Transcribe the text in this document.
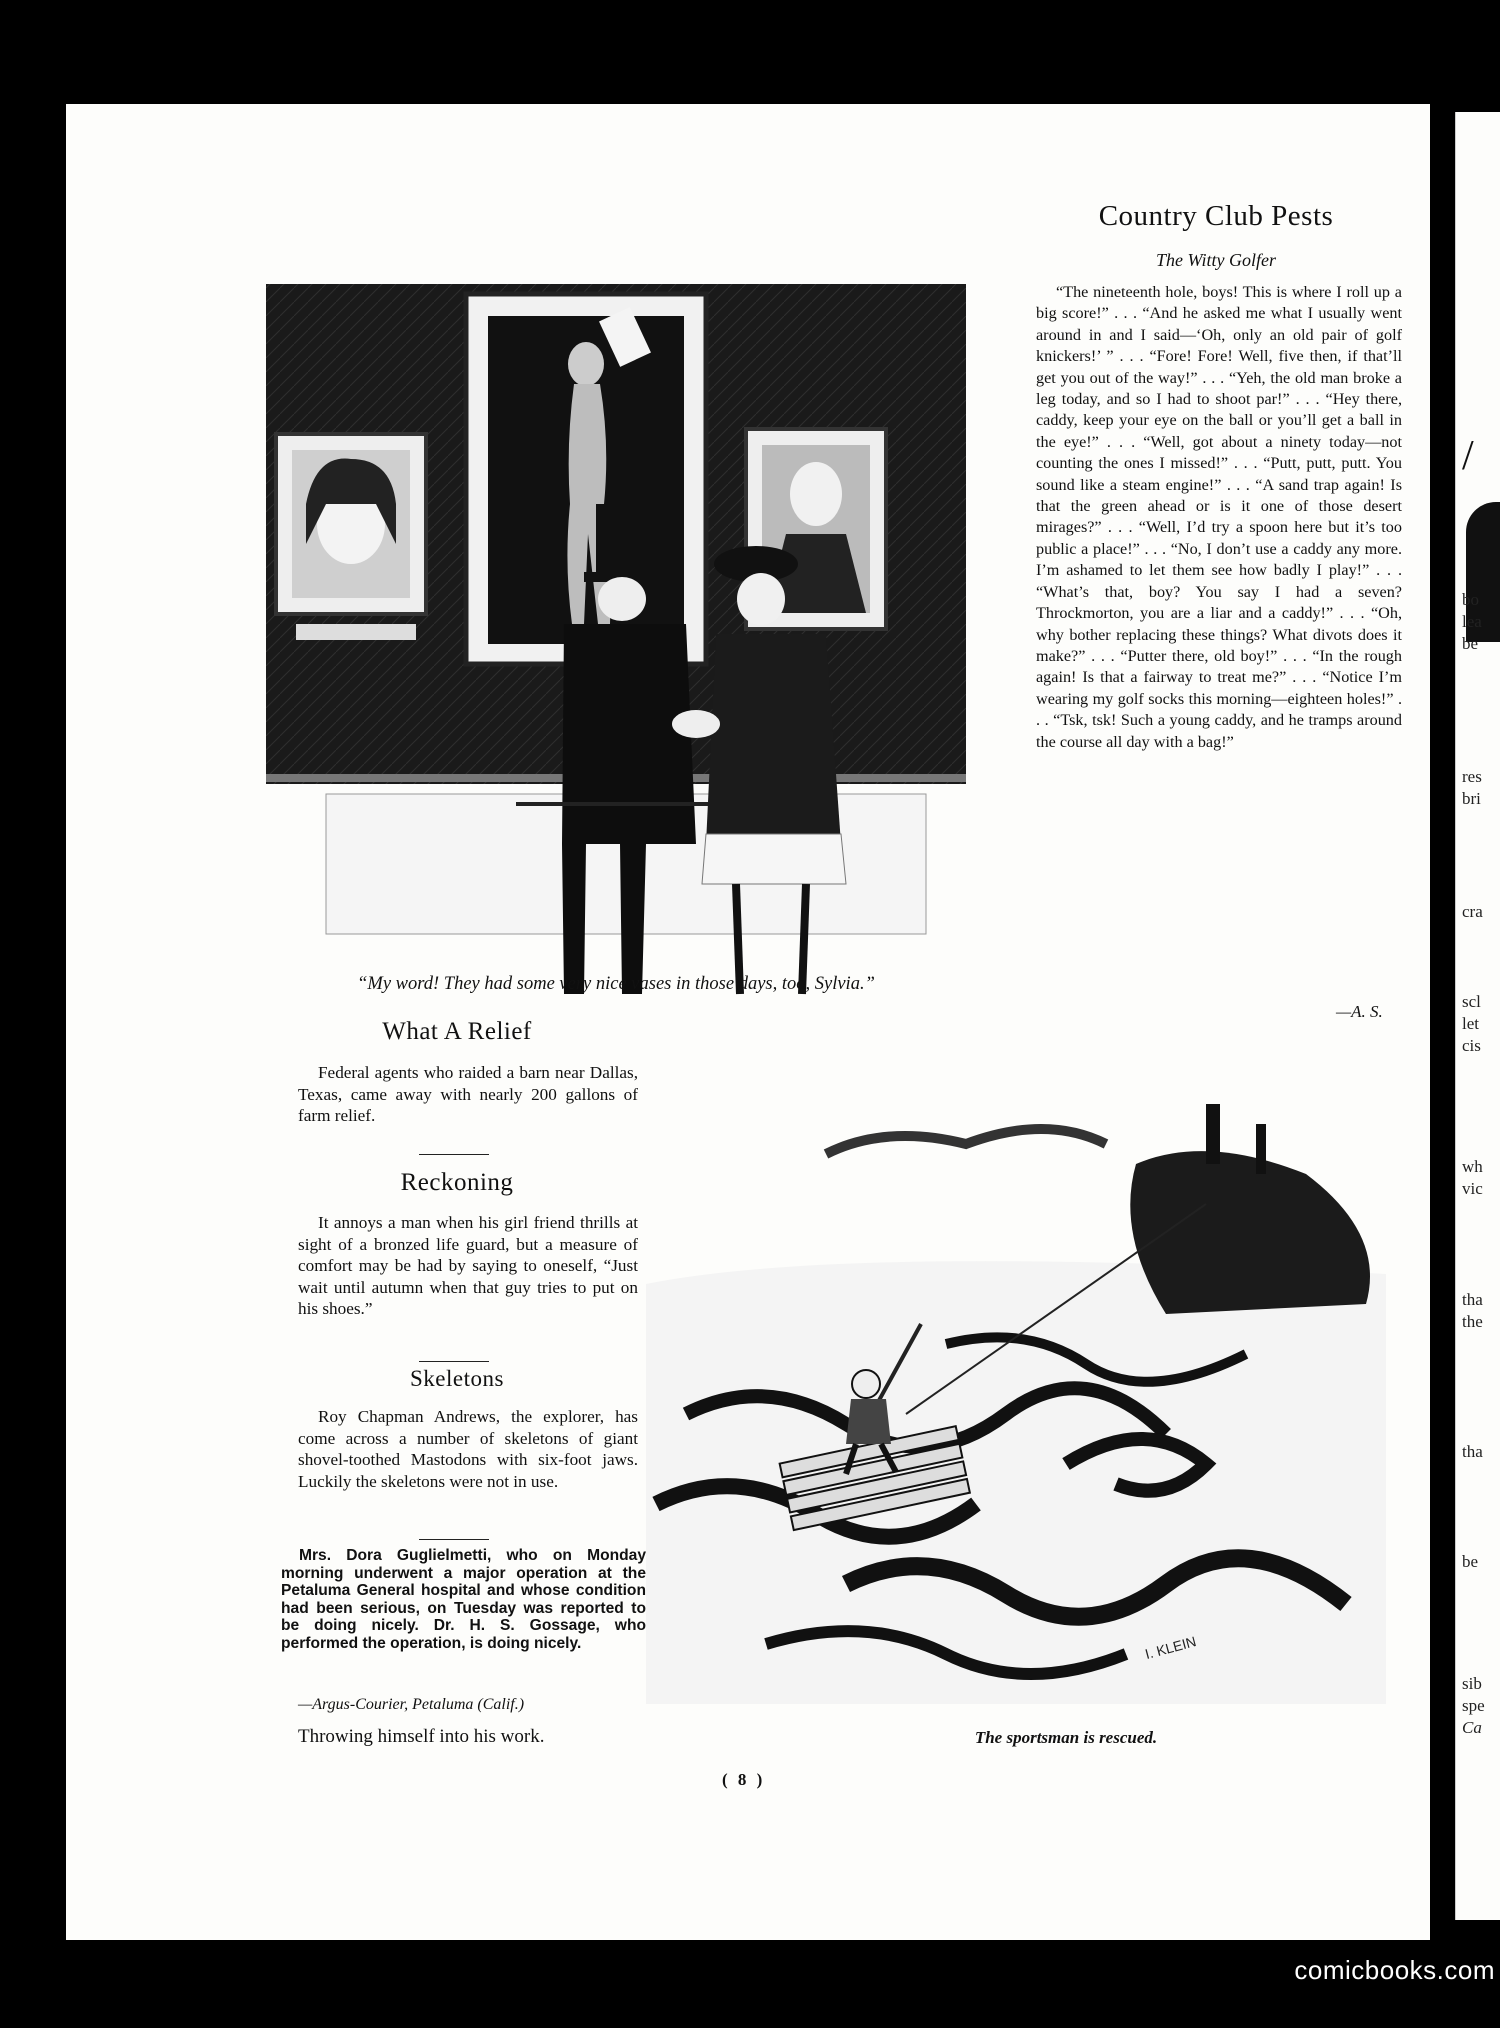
“My word! They had some very nice vases in those days, too, Sylvia.”
Country Club Pests
The Witty Golfer
“The nineteenth hole, boys! This is where I roll up a big score!” . . . “And he asked me what I usually went around in and I said—‘Oh, only an old pair of golf knickers!’ ” . . . “Fore! Fore! Well, five then, if that’ll get you out of the way!” . . . “Yeh, the old man broke a leg today, and so I had to shoot par!” . . . “Hey there, caddy, keep your eye on the ball or you’ll get a ball in the eye!” . . . “Well, got about a ninety today—not counting the ones I missed!” . . . “Putt, putt, putt. You sound like a steam engine!” . . . “A sand trap again! Is that the green ahead or is it one of those desert mirages?” . . . “Well, I’d try a spoon here but it’s too public a place!” . . . “No, I don’t use a caddy any more. I’m ashamed to let them see how badly I play!” . . . “What’s that, boy? You say I had a seven? Throckmorton, you are a liar and a caddy!” . . . “Oh, why bother replacing these things? What divots does it make?” . . . “Putter there, old boy!” . . . “In the rough again! Is that a fairway to treat me?” . . . “Notice I’m wearing my golf socks this morning—eighteen holes!” . . . “Tsk, tsk! Such a young caddy, and he tramps around the course all day with a bag!”
—A. S.
What A Relief
Federal agents who raided a barn near Dallas, Texas, came away with nearly 200 gallons of farm relief.
Reckoning
It annoys a man when his girl friend thrills at sight of a bronzed life guard, but a measure of comfort may be had by saying to oneself, “Just wait until autumn when that guy tries to put on his shoes.”
Skeletons
Roy Chapman Andrews, the explorer, has come across a number of skeletons of giant shovel-toothed Mastodons with six-foot jaws. Luckily the skeletons were not in use.
Mrs. Dora Guglielmetti, who on Monday morning underwent a major operation at the Petaluma General hospital and whose condition had been serious, on Tuesday was reported to be doing nicely. Dr. H. S. Gossage, who performed the operation, is doing nicely.
—Argus-Courier, Petaluma (Calif.)
Throwing himself into his work.
I. KLEIN
The sportsman is rescued.
( 8 )
/
bo
lea
be
res
bri
cra
scl
let
cis
wh
vic
tha
the
tha
be
sib
spe
Ca
comicbooks.com
